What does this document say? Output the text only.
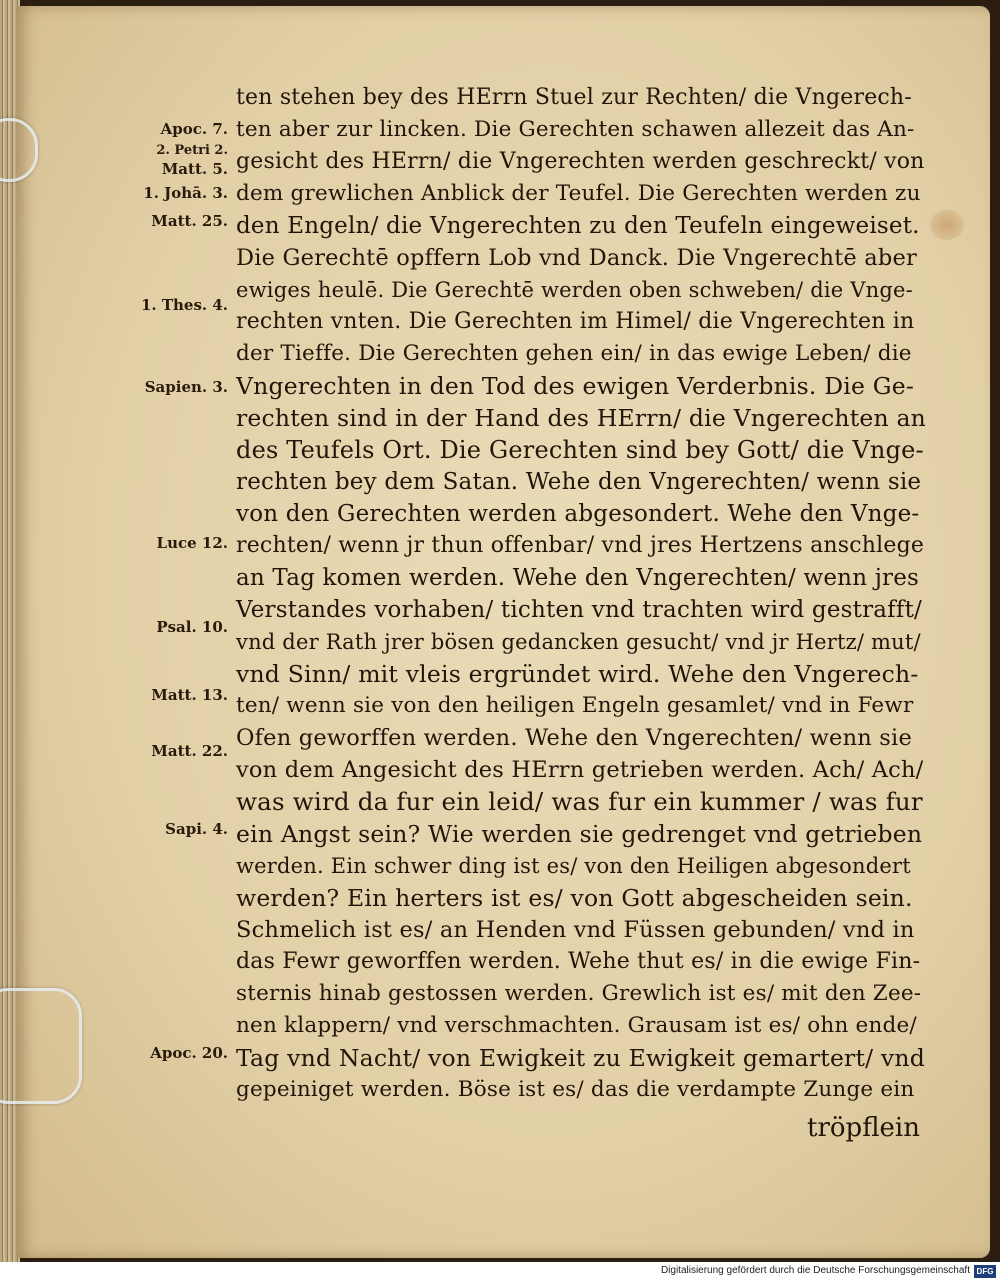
ten stehen bey des HErrn Stuel zur Rechten/ die Vngerech-
ten aber zur lincken. Die Gerechten schawen allezeit das An-
gesicht des HErrn/ die Vngerechten werden geschreckt/ von
dem grewlichen Anblick der Teufel. Die Gerechten werden zu
den Engeln/ die Vngerechten zu den Teufeln eingeweiset.
Die Gerechtē opffern Lob vnd Danck. Die Vngerechtē aber
ewiges heulē. Die Gerechtē werden oben schweben/ die Vnge-
rechten vnten. Die Gerechten im Himel/ die Vngerechten in
der Tieffe. Die Gerechten gehen ein/ in das ewige Leben/ die
Vngerechten in den Tod des ewigen Verderbnis. Die Ge-
rechten sind in der Hand des HErrn/ die Vngerechten an
des Teufels Ort. Die Gerechten sind bey Gott/ die Vnge-
rechten bey dem Satan. Wehe den Vngerechten/ wenn sie
von den Gerechten werden abgesondert. Wehe den Vnge-
rechten/ wenn jr thun offenbar/ vnd jres Hertzens anschlege
an Tag komen werden. Wehe den Vngerechten/ wenn jres
Verstandes vorhaben/ tichten vnd trachten wird gestrafft/
vnd der Rath jrer bösen gedancken gesucht/ vnd jr Hertz/ mut/
vnd Sinn/ mit vleis ergründet wird. Wehe den Vngerech-
ten/ wenn sie von den heiligen Engeln gesamlet/ vnd in Fewr
Ofen geworffen werden. Wehe den Vngerechten/ wenn sie
von dem Angesicht des HErrn getrieben werden. Ach/ Ach/
was wird da fur ein leid/ was fur ein kummer / was fur
ein Angst sein? Wie werden sie gedrenget vnd getrieben
werden. Ein schwer ding ist es/ von den Heiligen abgesondert
werden? Ein herters ist es/ von Gott abgescheiden sein.
Schmelich ist es/ an Henden vnd Füssen gebunden/ vnd in
das Fewr geworffen werden. Wehe thut es/ in die ewige Fin-
sternis hinab gestossen werden. Grewlich ist es/ mit den Zee-
nen klappern/ vnd verschmachten. Grausam ist es/ ohn ende/
Tag vnd Nacht/ von Ewigkeit zu Ewigkeit gemartert/ vnd
gepeiniget werden. Böse ist es/ das die verdampte Zunge ein
tröpflein
Apoc. 7.
2. Petri 2.
Matt. 5.
1. Johā. 3.
Matt. 25.
1. Thes. 4.
Sapien. 3.
Luce 12.
Psal. 10.
Matt. 13.
Matt. 22.
Sapi. 4.
Apoc. 20.
Digitalisierung gefördert durch die Deutsche Forschungsgemeinschaft DFG
